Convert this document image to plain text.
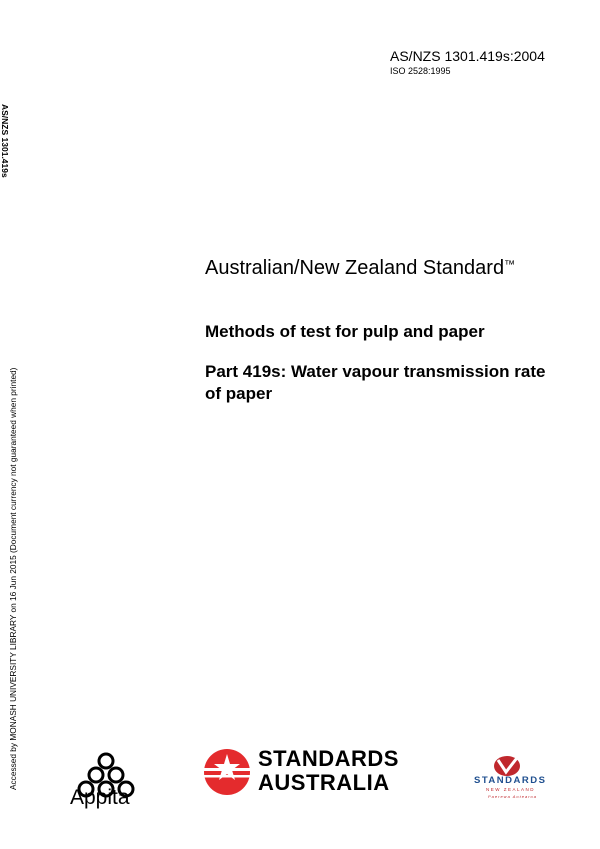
AS/NZS 1301.419s:2004
ISO 2528:1995
AS/NZS 1301.419s
Accessed by MONASH UNIVERSITY LIBRARY on 16 Jun 2015 (Document currency not guaranteed when printed)
Australian/New Zealand Standard™
Methods of test for pulp and paper
Part 419s: Water vapour transmission rate of paper
Appita
STANDARDS
AUSTRALIA	STANDARDS
NEW ZEALAND
Paerewa Aotearoa
